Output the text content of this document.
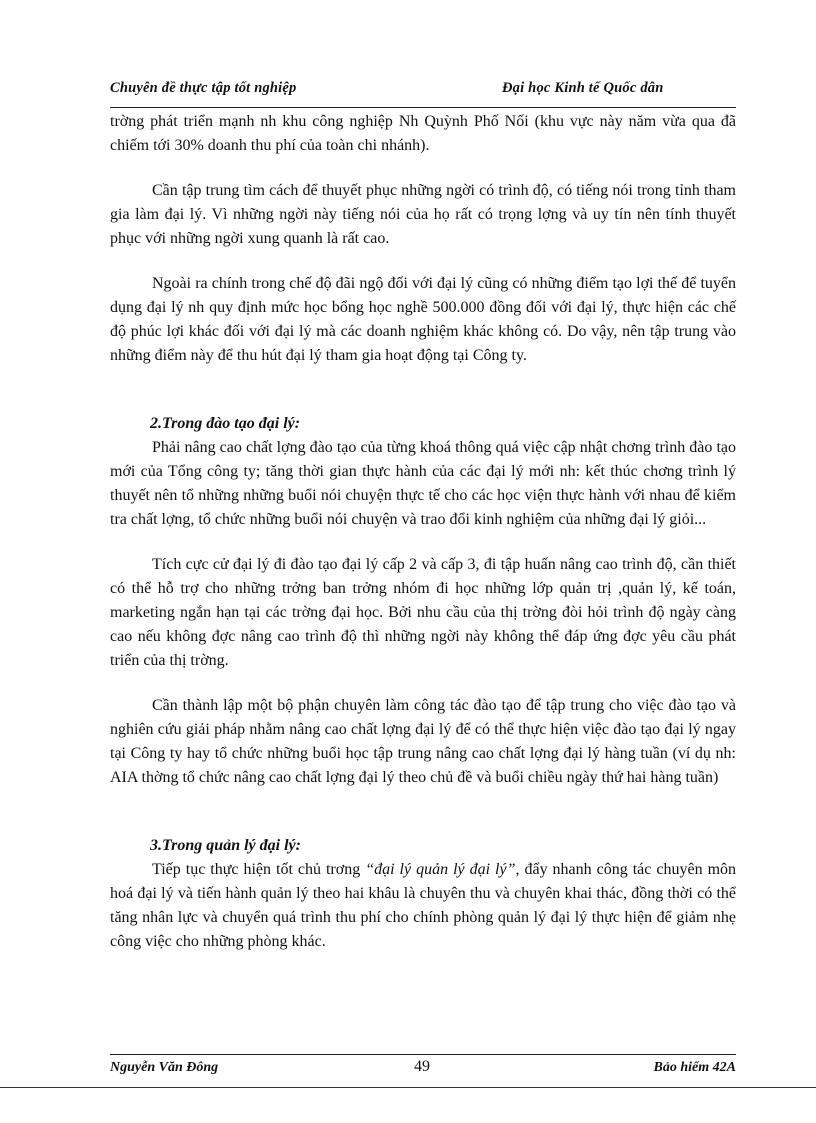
Chuyên đề thực tập tốt nghiệp	Đại học Kinh tế Quốc dân

trờng phát triển mạnh nh khu công nghiệp Nh Quỳnh Phố Nối (khu vực này năm vừa qua đã chiếm tới 30% doanh thu phí của toàn chi nhánh).

Cần tập trung tìm cách để thuyết phục những ngời có trình độ, có tiếng nói trong tỉnh tham gia làm đại lý. Vì những ngời này tiếng nói của họ rất có trọng lợng và uy tín nên tính thuyết phục với những ngời xung quanh là rất cao.

Ngoài ra chính trong chế độ đãi ngộ đối với đại lý cũng có những điểm tạo lợi thế để tuyển dụng đại lý nh quy định mức học bổng học nghề 500.000 đồng đối với đại lý, thực hiện các chế độ phúc lợi khác đối với đại lý mà các doanh nghiệm khác không có. Do vậy, nên tập trung vào những điểm này để thu hút đại lý tham gia hoạt động tại Công ty.

2.Trong đào tạo đại lý:

Phải nâng cao chất lợng đào tạo của từng khoá thông quá việc cập nhật chơng trình đào tạo mới của Tổng công ty; tăng thời gian thực hành của các đại lý mới nh: kết thúc chơng trình lý thuyết nên tổ những những buổi nói chuyện thực tế cho các học viện thực hành với nhau để kiểm tra chất lợng, tổ chức những buổi nói chuyện và trao đổi kinh nghiệm của những đại lý giỏi...

Tích cực cử đại lý đi đào tạo đại lý cấp 2 và cấp 3, đi tập huấn nâng cao trình độ, cần thiết có thể hỗ trợ cho những trởng ban trởng nhóm đi học những lớp quản trị ,quản lý, kế toán, marketing ngắn hạn tại các trờng đại học. Bởi nhu cầu của thị trờng đòi hỏi trình độ ngày càng cao nếu không đợc nâng cao trình độ thì những ngời này không thể đáp ứng đợc yêu cầu phát triển của thị trờng.

Cần thành lập một bộ phận chuyên làm công tác đào tạo để tập trung cho việc đào tạo và nghiên cứu giải pháp nhằm nâng cao chất lợng đại lý để có thể thực hiện việc đào tạo đại lý ngay tại Công ty hay tổ chức những buổi học tập trung nâng cao chất lợng đại lý hàng tuần (ví dụ nh: AIA thờng tổ chức nâng cao chất lợng đại lý theo chủ đề và buổi chiều ngày thứ hai hàng tuần)

3.Trong quản lý đại lý:

Tiếp tục thực hiện tốt chủ trơng “đại lý quản lý đại lý”, đẩy nhanh công tác chuyên môn hoá đại lý và tiến hành quản lý theo hai khâu là chuyên thu và chuyên khai thác, đồng thời có thể tăng nhân lực và chuyển quá trình thu phí cho chính phòng quản lý đại lý thực hiện để giảm nhẹ công việc cho những phòng khác.

Nguyễn Văn Đông	49	Bảo hiểm 42A
